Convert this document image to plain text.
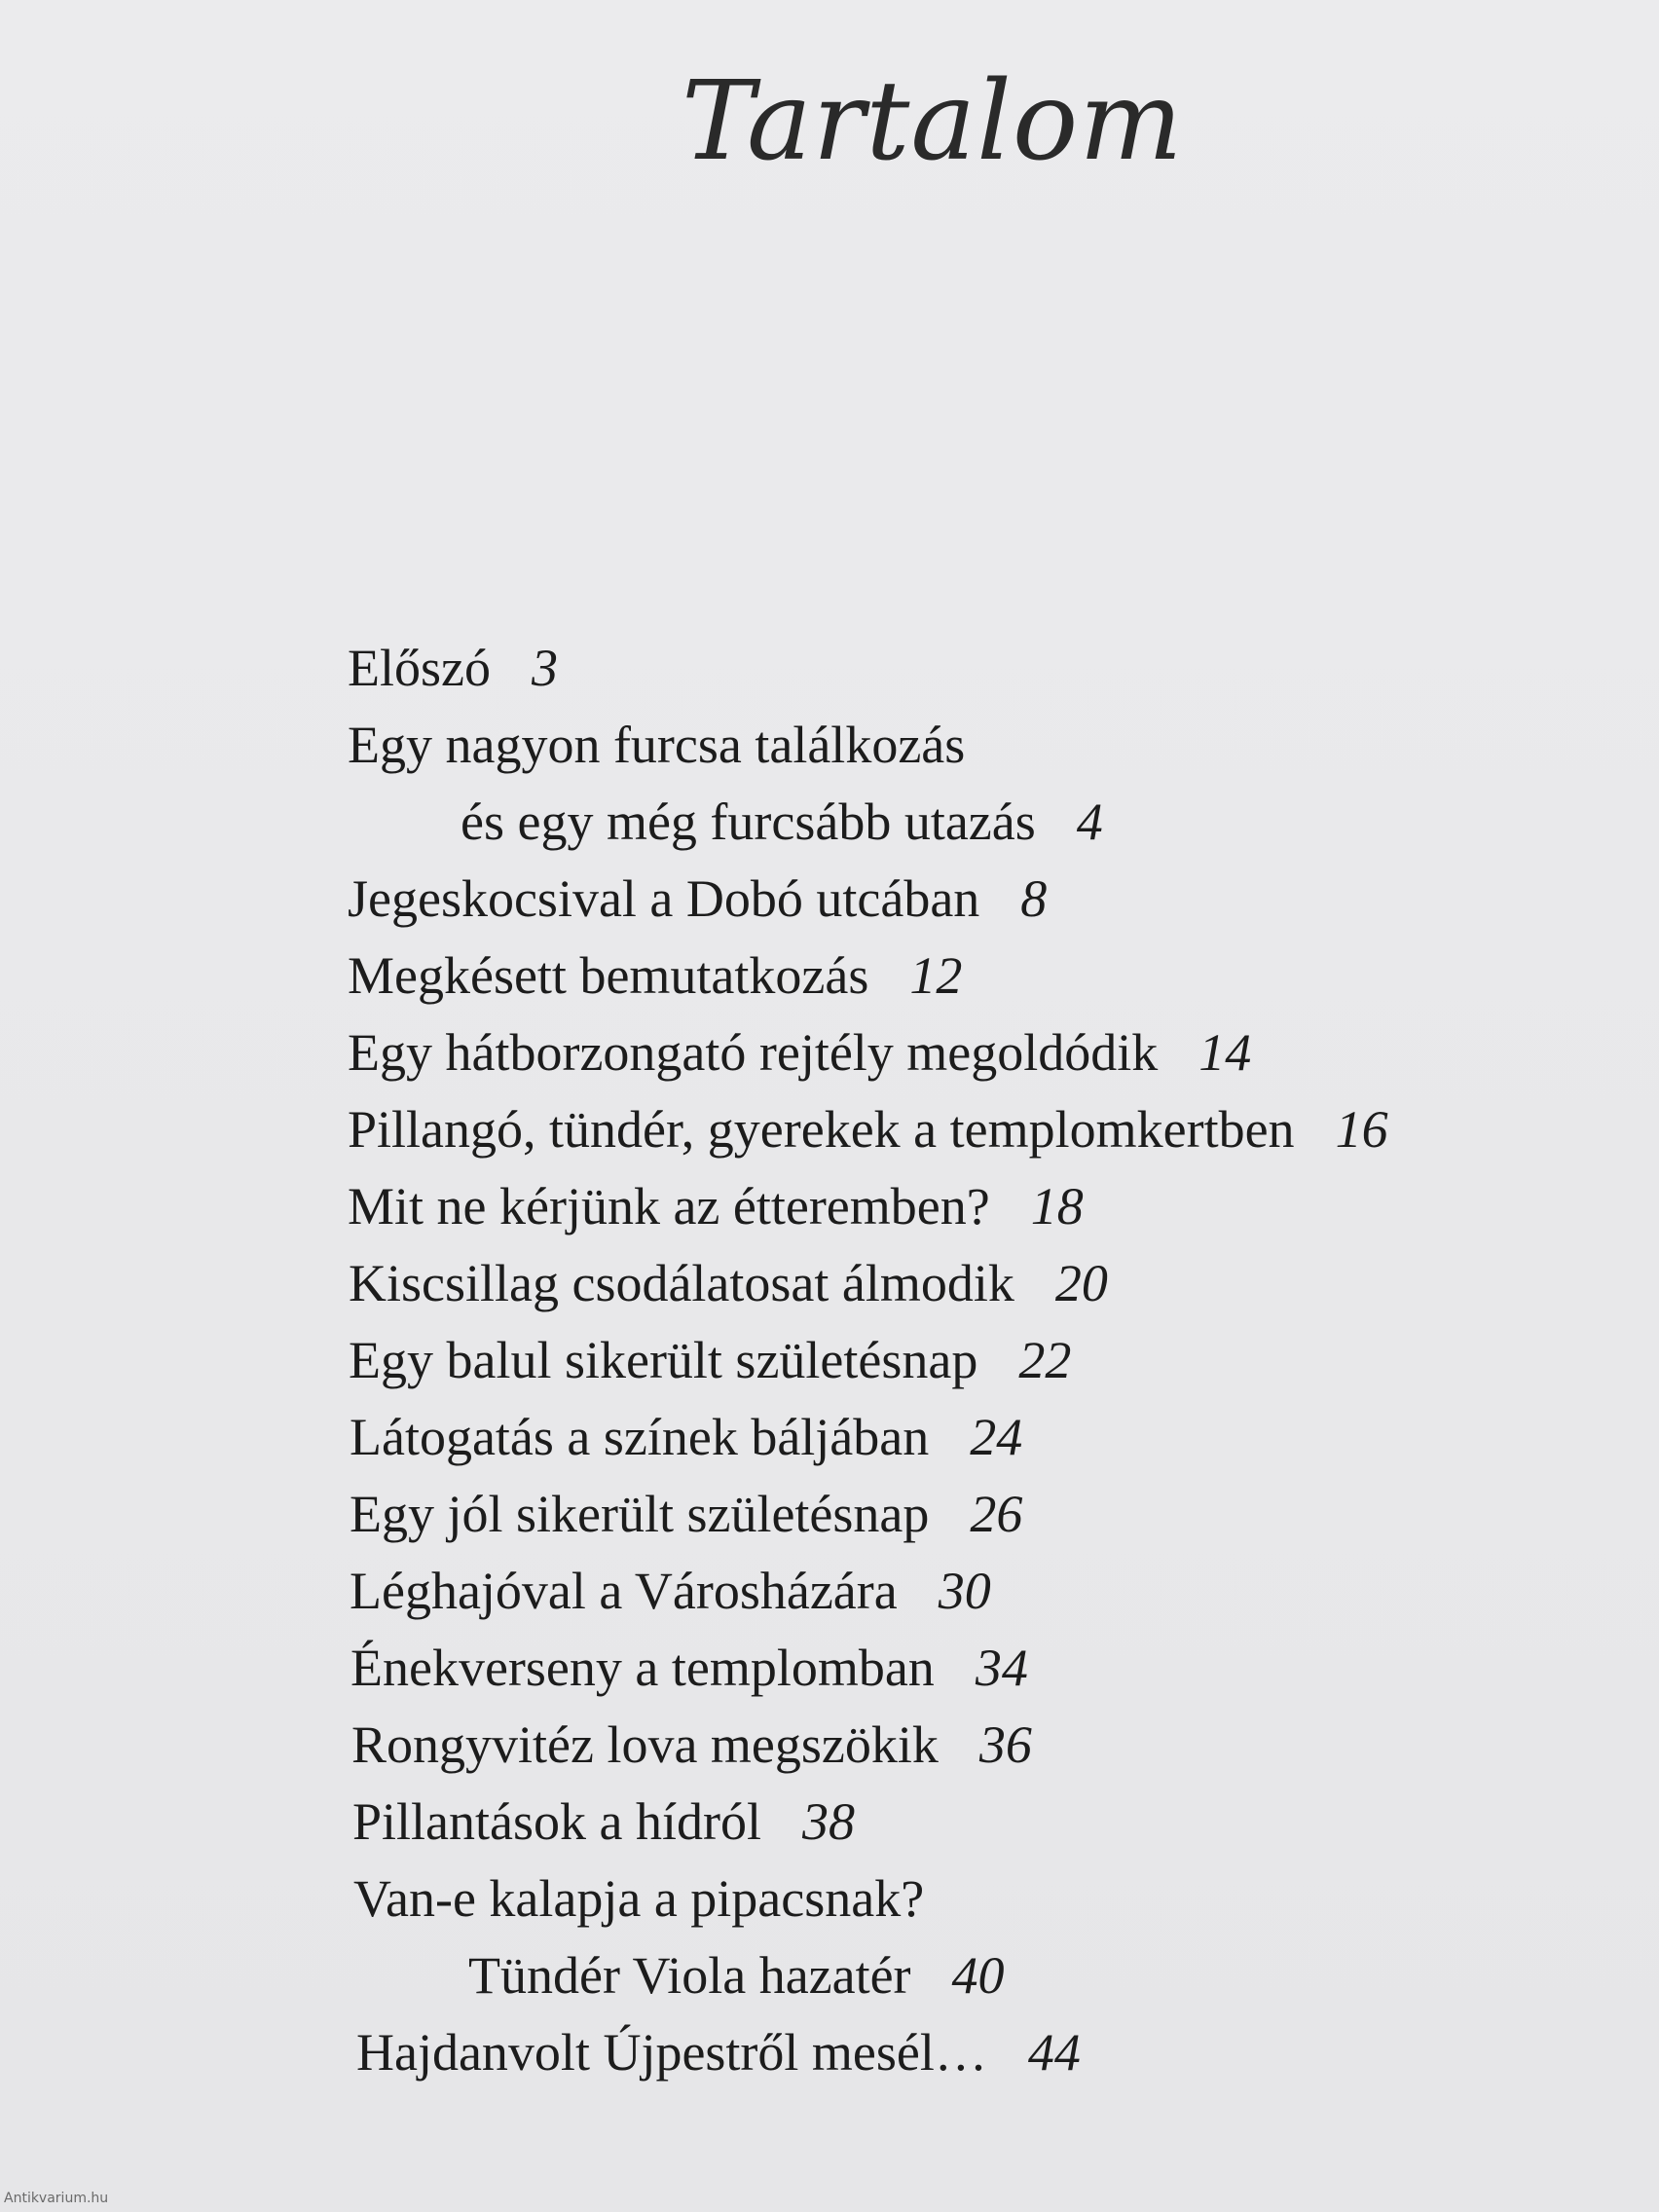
Tartalom
Előszó 3
Egy nagyon furcsa találkozás
és egy még furcsább utazás 4
Jegeskocsival a Dobó utcában 8
Megkésett bemutatkozás 12
Egy hátborzongató rejtély megoldódik 14
Pillangó, tündér, gyerekek a templomkertben 16
Mit ne kérjünk az étteremben? 18
Kiscsillag csodálatosat álmodik 20
Egy balul sikerült születésnap 22
Látogatás a színek báljában 24
Egy jól sikerült születésnap 26
Léghajóval a Városházára 30
Énekverseny a templomban 34
Rongyvitéz lova megszökik 36
Pillantások a hídról 38
Van-e kalapja a pipacsnak?
Tündér Viola hazatér 40
Hajdanvolt Újpestről mesél… 44
Antikvarium.hu
